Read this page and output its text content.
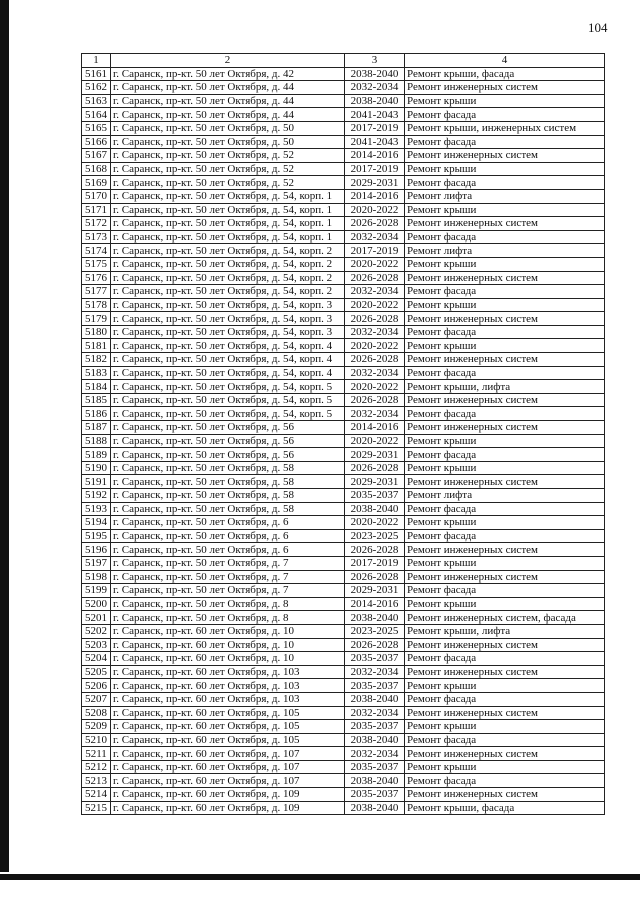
104
1	2	3	4
5161	г. Саранск, пр-кт. 50 лет Октября, д. 42	2038-2040	Ремонт крыши, фасада
5162	г. Саранск, пр-кт. 50 лет Октября, д. 44	2032-2034	Ремонт инженерных систем
5163	г. Саранск, пр-кт. 50 лет Октября, д. 44	2038-2040	Ремонт крыши
5164	г. Саранск, пр-кт. 50 лет Октября, д. 44	2041-2043	Ремонт фасада
5165	г. Саранск, пр-кт. 50 лет Октября, д. 50	2017-2019	Ремонт крыши, инженерных систем
5166	г. Саранск, пр-кт. 50 лет Октября, д. 50	2041-2043	Ремонт фасада
5167	г. Саранск, пр-кт. 50 лет Октября, д. 52	2014-2016	Ремонт инженерных систем
5168	г. Саранск, пр-кт. 50 лет Октября, д. 52	2017-2019	Ремонт крыши
5169	г. Саранск, пр-кт. 50 лет Октября, д. 52	2029-2031	Ремонт фасада
5170	г. Саранск, пр-кт. 50 лет Октября, д. 54, корп. 1	2014-2016	Ремонт лифта
5171	г. Саранск, пр-кт. 50 лет Октября, д. 54, корп. 1	2020-2022	Ремонт крыши
5172	г. Саранск, пр-кт. 50 лет Октября, д. 54, корп. 1	2026-2028	Ремонт инженерных систем
5173	г. Саранск, пр-кт. 50 лет Октября, д. 54, корп. 1	2032-2034	Ремонт фасада
5174	г. Саранск, пр-кт. 50 лет Октября, д. 54, корп. 2	2017-2019	Ремонт лифта
5175	г. Саранск, пр-кт. 50 лет Октября, д. 54, корп. 2	2020-2022	Ремонт крыши
5176	г. Саранск, пр-кт. 50 лет Октября, д. 54, корп. 2	2026-2028	Ремонт инженерных систем
5177	г. Саранск, пр-кт. 50 лет Октября, д. 54, корп. 2	2032-2034	Ремонт фасада
5178	г. Саранск, пр-кт. 50 лет Октября, д. 54, корп. 3	2020-2022	Ремонт крыши
5179	г. Саранск, пр-кт. 50 лет Октября, д. 54, корп. 3	2026-2028	Ремонт инженерных систем
5180	г. Саранск, пр-кт. 50 лет Октября, д. 54, корп. 3	2032-2034	Ремонт фасада
5181	г. Саранск, пр-кт. 50 лет Октября, д. 54, корп. 4	2020-2022	Ремонт крыши
5182	г. Саранск, пр-кт. 50 лет Октября, д. 54, корп. 4	2026-2028	Ремонт инженерных систем
5183	г. Саранск, пр-кт. 50 лет Октября, д. 54, корп. 4	2032-2034	Ремонт фасада
5184	г. Саранск, пр-кт. 50 лет Октября, д. 54, корп. 5	2020-2022	Ремонт крыши, лифта
5185	г. Саранск, пр-кт. 50 лет Октября, д. 54, корп. 5	2026-2028	Ремонт инженерных систем
5186	г. Саранск, пр-кт. 50 лет Октября, д. 54, корп. 5	2032-2034	Ремонт фасада
5187	г. Саранск, пр-кт. 50 лет Октября, д. 56	2014-2016	Ремонт инженерных систем
5188	г. Саранск, пр-кт. 50 лет Октября, д. 56	2020-2022	Ремонт крыши
5189	г. Саранск, пр-кт. 50 лет Октября, д. 56	2029-2031	Ремонт фасада
5190	г. Саранск, пр-кт. 50 лет Октября, д. 58	2026-2028	Ремонт крыши
5191	г. Саранск, пр-кт. 50 лет Октября, д. 58	2029-2031	Ремонт инженерных систем
5192	г. Саранск, пр-кт. 50 лет Октября, д. 58	2035-2037	Ремонт лифта
5193	г. Саранск, пр-кт. 50 лет Октября, д. 58	2038-2040	Ремонт фасада
5194	г. Саранск, пр-кт. 50 лет Октября, д. 6	2020-2022	Ремонт крыши
5195	г. Саранск, пр-кт. 50 лет Октября, д. 6	2023-2025	Ремонт фасада
5196	г. Саранск, пр-кт. 50 лет Октября, д. 6	2026-2028	Ремонт инженерных систем
5197	г. Саранск, пр-кт. 50 лет Октября, д. 7	2017-2019	Ремонт крыши
5198	г. Саранск, пр-кт. 50 лет Октября, д. 7	2026-2028	Ремонт инженерных систем
5199	г. Саранск, пр-кт. 50 лет Октября, д. 7	2029-2031	Ремонт фасада
5200	г. Саранск, пр-кт. 50 лет Октября, д. 8	2014-2016	Ремонт крыши
5201	г. Саранск, пр-кт. 50 лет Октября, д. 8	2038-2040	Ремонт инженерных систем, фасада
5202	г. Саранск, пр-кт. 60 лет Октября, д. 10	2023-2025	Ремонт крыши, лифта
5203	г. Саранск, пр-кт. 60 лет Октября, д. 10	2026-2028	Ремонт инженерных систем
5204	г. Саранск, пр-кт. 60 лет Октября, д. 10	2035-2037	Ремонт фасада
5205	г. Саранск, пр-кт. 60 лет Октября, д. 103	2032-2034	Ремонт инженерных систем
5206	г. Саранск, пр-кт. 60 лет Октября, д. 103	2035-2037	Ремонт крыши
5207	г. Саранск, пр-кт. 60 лет Октября, д. 103	2038-2040	Ремонт фасада
5208	г. Саранск, пр-кт. 60 лет Октября, д. 105	2032-2034	Ремонт инженерных систем
5209	г. Саранск, пр-кт. 60 лет Октября, д. 105	2035-2037	Ремонт крыши
5210	г. Саранск, пр-кт. 60 лет Октября, д. 105	2038-2040	Ремонт фасада
5211	г. Саранск, пр-кт. 60 лет Октября, д. 107	2032-2034	Ремонт инженерных систем
5212	г. Саранск, пр-кт. 60 лет Октября, д. 107	2035-2037	Ремонт крыши
5213	г. Саранск, пр-кт. 60 лет Октября, д. 107	2038-2040	Ремонт фасада
5214	г. Саранск, пр-кт. 60 лет Октября, д. 109	2035-2037	Ремонт инженерных систем
5215	г. Саранск, пр-кт. 60 лет Октября, д. 109	2038-2040	Ремонт крыши, фасада
